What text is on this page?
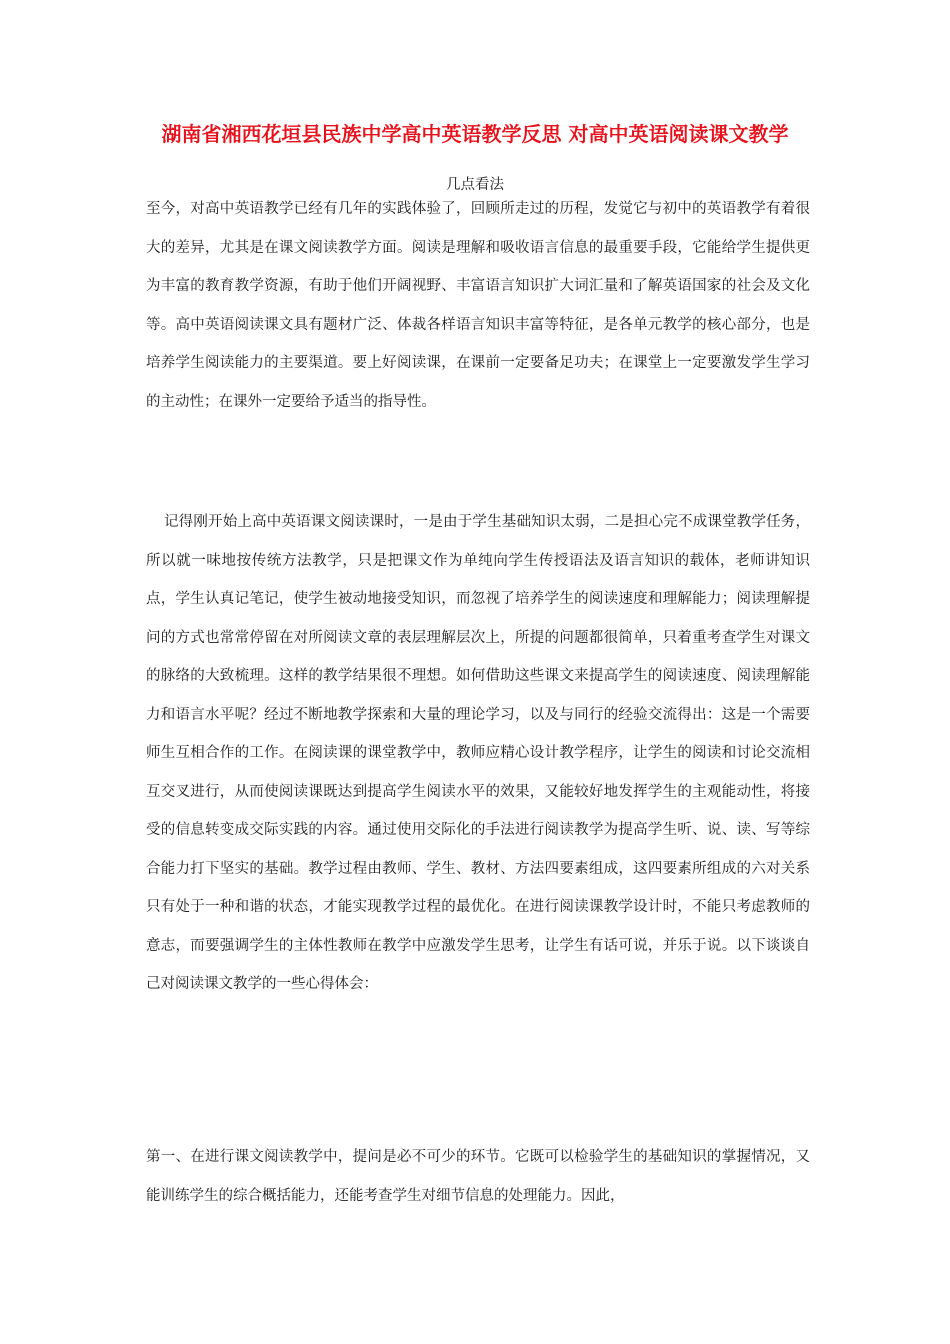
湖南省湘西花垣县民族中学高中英语教学反思 对高中英语阅读课文教学

几点看法

至今，对高中英语教学已经有几年的实践体验了，回顾所走过的历程，发觉它与初中的英语教学有着很大的差异，尤其是在课文阅读教学方面。阅读是理解和吸收语言信息的最重要手段，它能给学生提供更为丰富的教育教学资源，有助于他们开阔视野、丰富语言知识扩大词汇量和了解英语国家的社会及文化等。高中英语阅读课文具有题材广泛、体裁各样语言知识丰富等特征，是各单元教学的核心部分，也是培养学生阅读能力的主要渠道。要上好阅读课，在课前一定要备足功夫；在课堂上一定要激发学生学习的主动性；在课外一定要给予适当的指导性。

记得刚开始上高中英语课文阅读课时，一是由于学生基础知识太弱，二是担心完不成课堂教学任务，所以就一味地按传统方法教学，只是把课文作为单纯向学生传授语法及语言知识的载体，老师讲知识点，学生认真记笔记，使学生被动地接受知识，而忽视了培养学生的阅读速度和理解能力；阅读理解提问的方式也常常停留在对所阅读文章的表层理解层次上，所提的问题都很简单，只着重考查学生对课文的脉络的大致梳理。这样的教学结果很不理想。如何借助这些课文来提高学生的阅读速度、阅读理解能力和语言水平呢？经过不断地教学探索和大量的理论学习，以及与同行的经验交流得出：这是一个需要师生互相合作的工作。在阅读课的课堂教学中，教师应精心设计教学程序，让学生的阅读和讨论交流相互交叉进行，从而使阅读课既达到提高学生阅读水平的效果，又能较好地发挥学生的主观能动性，将接受的信息转变成交际实践的内容。通过使用交际化的手法进行阅读教学为提高学生听、说、读、写等综合能力打下坚实的基础。教学过程由教师、学生、教材、方法四要素组成，这四要素所组成的六对关系只有处于一种和谐的状态，才能实现教学过程的最优化。在进行阅读课教学设计时，不能只考虑教师的意志，而要强调学生的主体性教师在教学中应激发学生思考，让学生有话可说，并乐于说。以下谈谈自己对阅读课文教学的一些心得体会：

第一、在进行课文阅读教学中，提问是必不可少的环节。它既可以检验学生的基础知识的掌握情况，又能训练学生的综合概括能力，还能考查学生对细节信息的处理能力。因此，
